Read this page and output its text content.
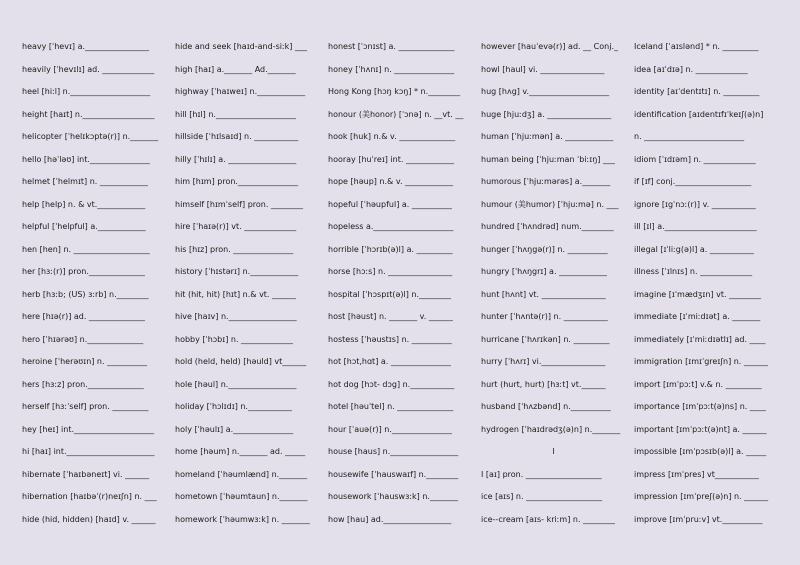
heavy [ˈhevɪ] a.________________
heavily [ˈhevɪlɪ] ad. _____________
heel [hiːl] n.____________________
height [haɪt] n.__________________
helicopter [ˈhelɪkɔptə(r)] n._______
hello [həˈləʊ] int._______________
helmet [ˈhelmɪt] n. ____________
help [help] n. & vt.____________
helpful [ˈhelpful] a.____________
hen [hen] n. ___________________
her [hɜː(r)] pron.______________
herb [hɜːb; (US) ɜːrb] n.________
here [hɪə(r)] ad. ______________
hero [ˈhɪərəʊ] n.______________
heroine [ˈherəʊɪn] n. __________
hers [hɜːz] pron.______________
herself [hɜːˈself] pron. _________
hey [heɪ] int.____________________
hi [haɪ] int.______________________
hibernate [ˈhaɪbəneɪt] vi. ______
hibernation [haɪbəˈ(r)neɪʃn] n. ___
hide (hid, hidden) [haɪd] v. ______
hide and seek [haɪd-and-siːk] ___
high [haɪ] a._______ Ad._______
highway [ˈhaɪweɪ] n.____________
hill [hɪl] n.____________________
hillside [ˈhɪlsaɪd] n. ___________
hilly [ˈhɪlɪ] a. _________________
him [hɪm] pron._______________
himself [hɪmˈself] pron. ________
hire [ˈhaɪə(r)] vt. _____________
his [hɪz] pron. _______________
history [ˈhɪstərɪ] n.____________
hit (hit, hit) [hɪt] n.& vt. ______
hive [haɪv] n._________________
hobby [ˈhɔbɪ] n. _____________
hold (held, held) [həuld] vt______
hole [həul] n._________________
holiday [ˈhɔlɪdɪ] n.___________
holy [ˈhəulɪ] a._______________
home [həum] n._______ ad. _____
homeland [ˈhəumlænd] n._______
hometown [ˈhəumtaun] n._______
homework [ˈhəumwɜːk] n. _______
honest [ˈɔnɪst] a. ______________
honey [ˈhʌnɪ] n. _______________
Hong Kong [hɔŋ kɔŋ] * n.________
honour (美honor) [ˈɔnə] n. __vt. __
hook [huk] n.& v. ______________
hooray [huˈreɪ] int. ____________
hope [həup] n.& v. ____________
hopeful [ˈhəupful] a. __________
hopeless a.____________________
horrible [ˈhɔrɪb(ə)l] a. _________
horse [hɔːs] n. ________________
hospital [ˈhɔspɪt(ə)l] n.________
host [həust] n. _______ v. ______
hostess [ˈhəustɪs] n. __________
hot [hɔt,hɑt] a. _______________
hot dog [hɔt- dɔg] n.___________
hotel [həuˈtel] n. ______________
hour [ˈauə(r)] n._______________
house [haus] n._________________
housewife [ˈhauswaɪf] n.________
housework [ˈhauswɜːk] n._______
how [hau] ad._________________
however [hauˈevə(r)] ad. __ Conj._
howl [haul] vi. ________________
hug [hʌg] v.____________________
huge [hjuːdʒ] a. ________________
human [ˈhjuːmən] a. ____________
human being [ˈhjuːman ˈbiːɪŋ] ___
humorous [ˈhjuːmərəs] a._______
humour (美humor) [ˈhjuːmə] n. ___
hundred [ˈhʌndrəd] num.________
hunger [ˈhʌŋgə(r)] n. __________
hungry [ˈhʌŋgrɪ] a. ____________
hunt [hʌnt] vt. ________________
hunter [ˈhʌntə(r)] n. ___________
hurricane [ˈhʌrɪkən] n. _________
hurry [ˈhʌrɪ] vi.________________
hurt (hurt, hurt) [hɜːt] vt.______
husband [ˈhʌzbənd] n.__________
hydrogen [ˈhaɪdrədʒ(ə)n] n._______
I
I [aɪ] pron. ___________________
ice [aɪs] n. ___________________
ice--cream [aɪs- kriːm] n. ________
Iceland [ˈaɪslənd] * n. _________
idea [aɪˈdɪə] n. _____________
identity [aɪˈdentɪtɪ] n. _________
identification [aɪdentɪfɪˈkeɪʃ(ə)n]
n. _________________________
idiom [ˈɪdɪəm] n. _____________
if [ɪf] conj.___________________
ignore [ɪgˈnɔː(r)] v. ___________
ill [ɪl] a._______________________
illegal [ɪˈliːg(ə)l] a. ___________
illness [ˈɪlnɪs] n. _____________
imagine [ɪˈmædʒɪn] vt. ________
immediate [ɪˈmiːdɪət] a. _______
immediately [ɪˈmiːdɪətlɪ] ad. ____
immigration [ɪmɪˈgreɪʃn] n. ______
import [ɪmˈpɔːt] v.& n. _________
importance [ɪmˈpɔːt(ə)ns] n. ____
important [ɪmˈpɔːt(ə)nt] a. ______
impossible [ɪmˈpɔsɪb(ə)l] a. _____
impress [ɪmˈpres] vt___________
impression [ɪmˈpreʃ(ə)n] n. ______
improve [ɪmˈpruːv] vt.__________
